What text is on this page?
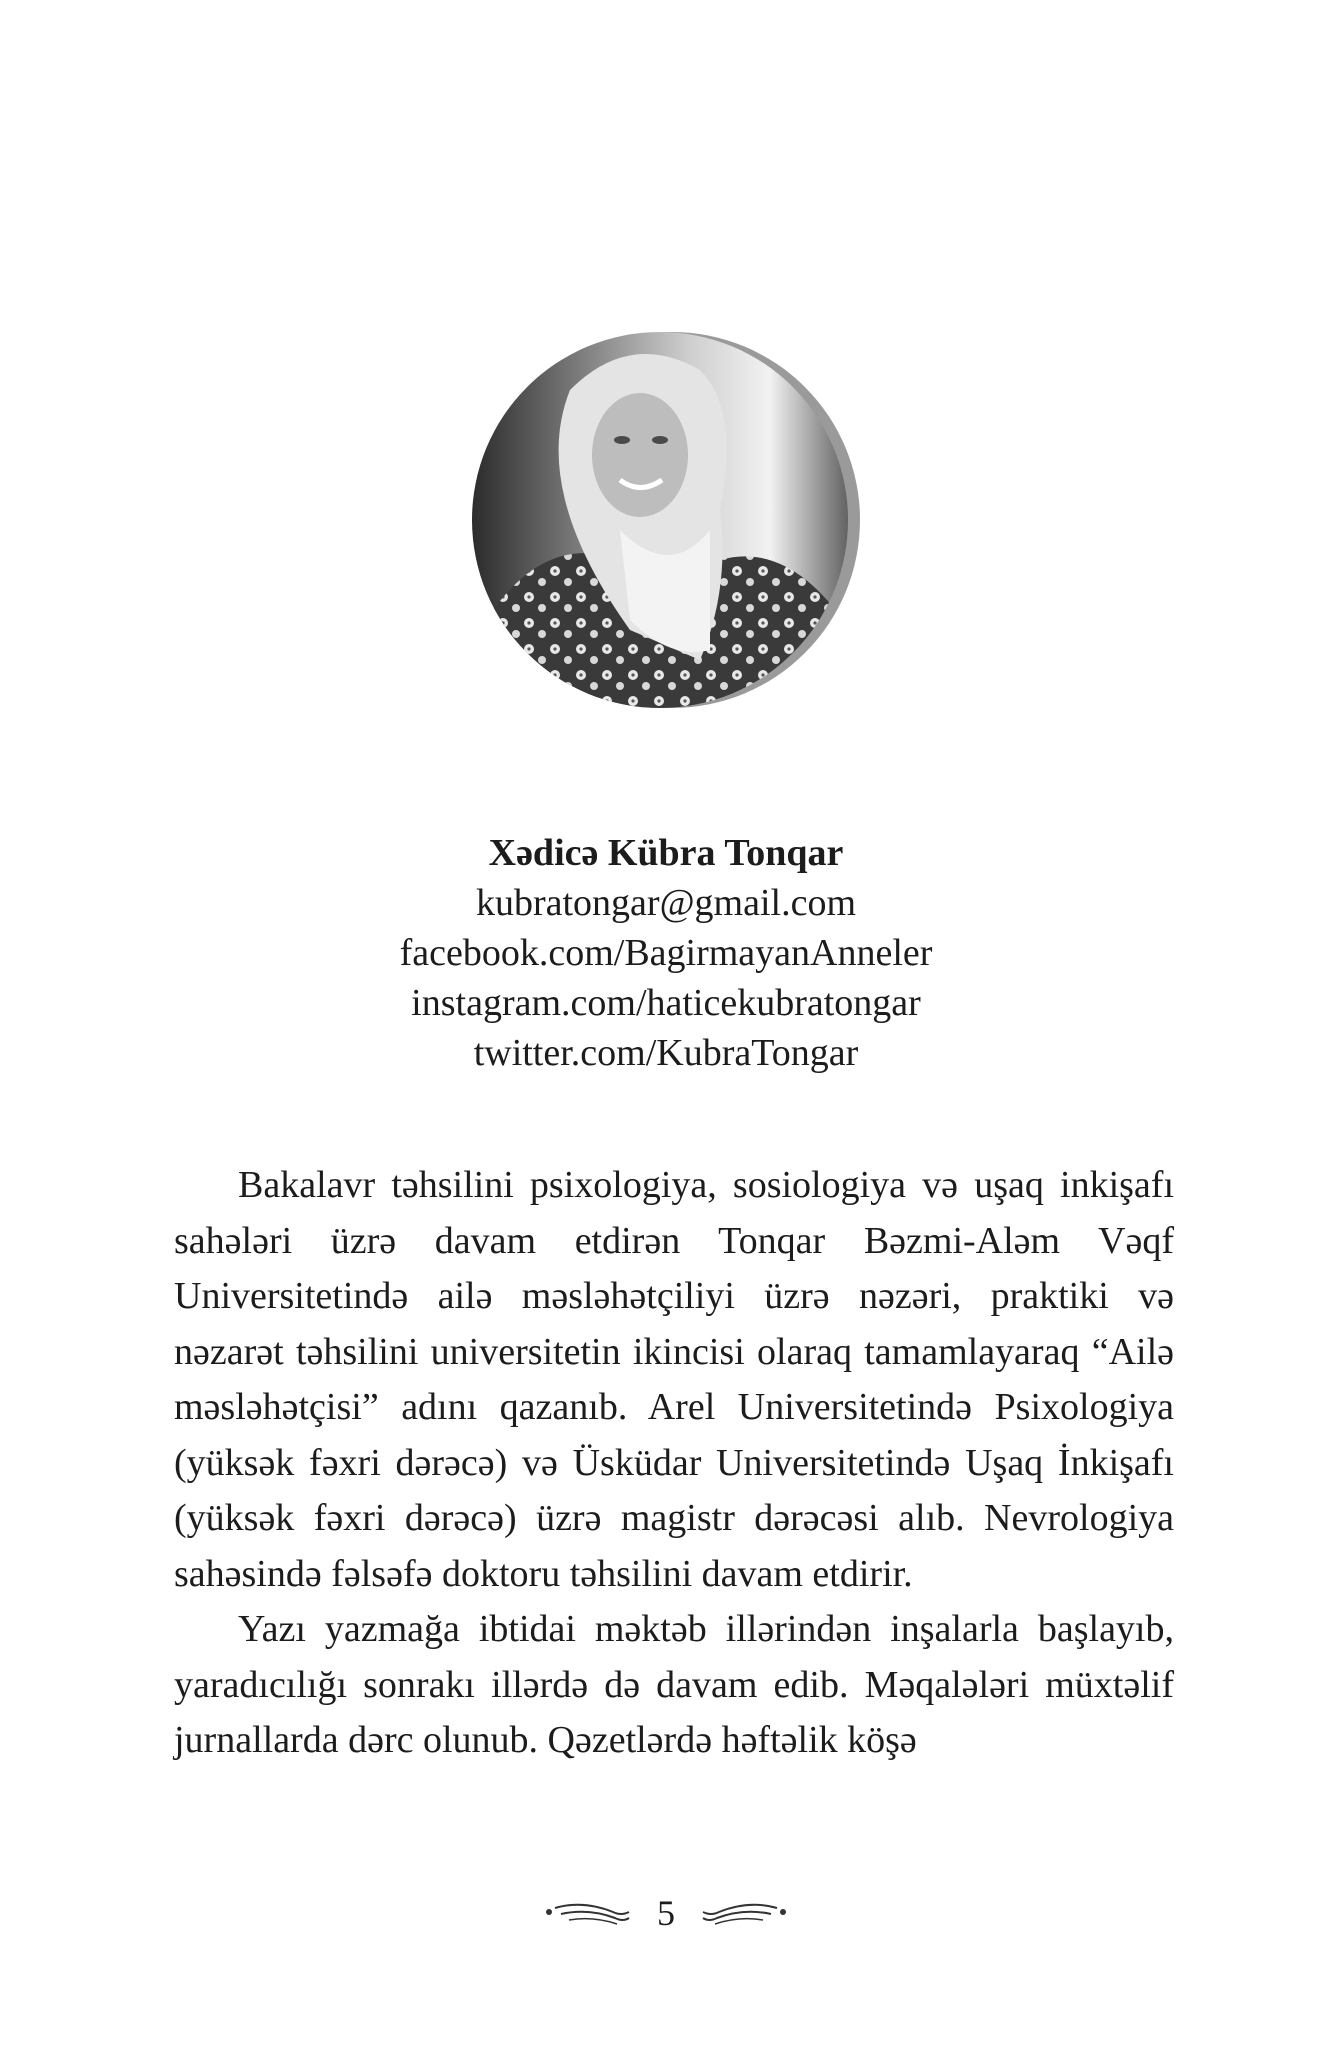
Xədicə Kübra Tonqar
kubratongar@gmail.com
facebook.com/BagirmayanAnneler
instagram.com/haticekubratongar
twitter.com/KubraTongar

Bakalavr təhsilini psixologiya, sosiologiya və uşaq inkişafı sahələri üzrə davam etdirən Tonqar Bəzmi-Aləm Vəqf Universitetində ailə məsləhətçiliyi üzrə nəzəri, praktiki və nəzarət təhsilini universitetin ikincisi olaraq tamamlayaraq “Ailə məsləhətçisi” adını qazanıb. Arel Universitetində Psixologiya (yüksək fəxri dərəcə) və Üsküdar Universitetində Uşaq İnkişafı (yüksək fəxri dərəcə) üzrə magistr dərəcəsi alıb. Nevrologiya sahəsində fəlsəfə doktoru təhsilini davam etdirir.

Yazı yazmağa ibtidai məktəb illərindən inşalarla başlayıb, yaradıcılığı sonrakı illərdə də davam edib. Məqalələri müxtəlif jurnallarda dərc olunub. Qəzetlərdə həftəlik köşə

5
